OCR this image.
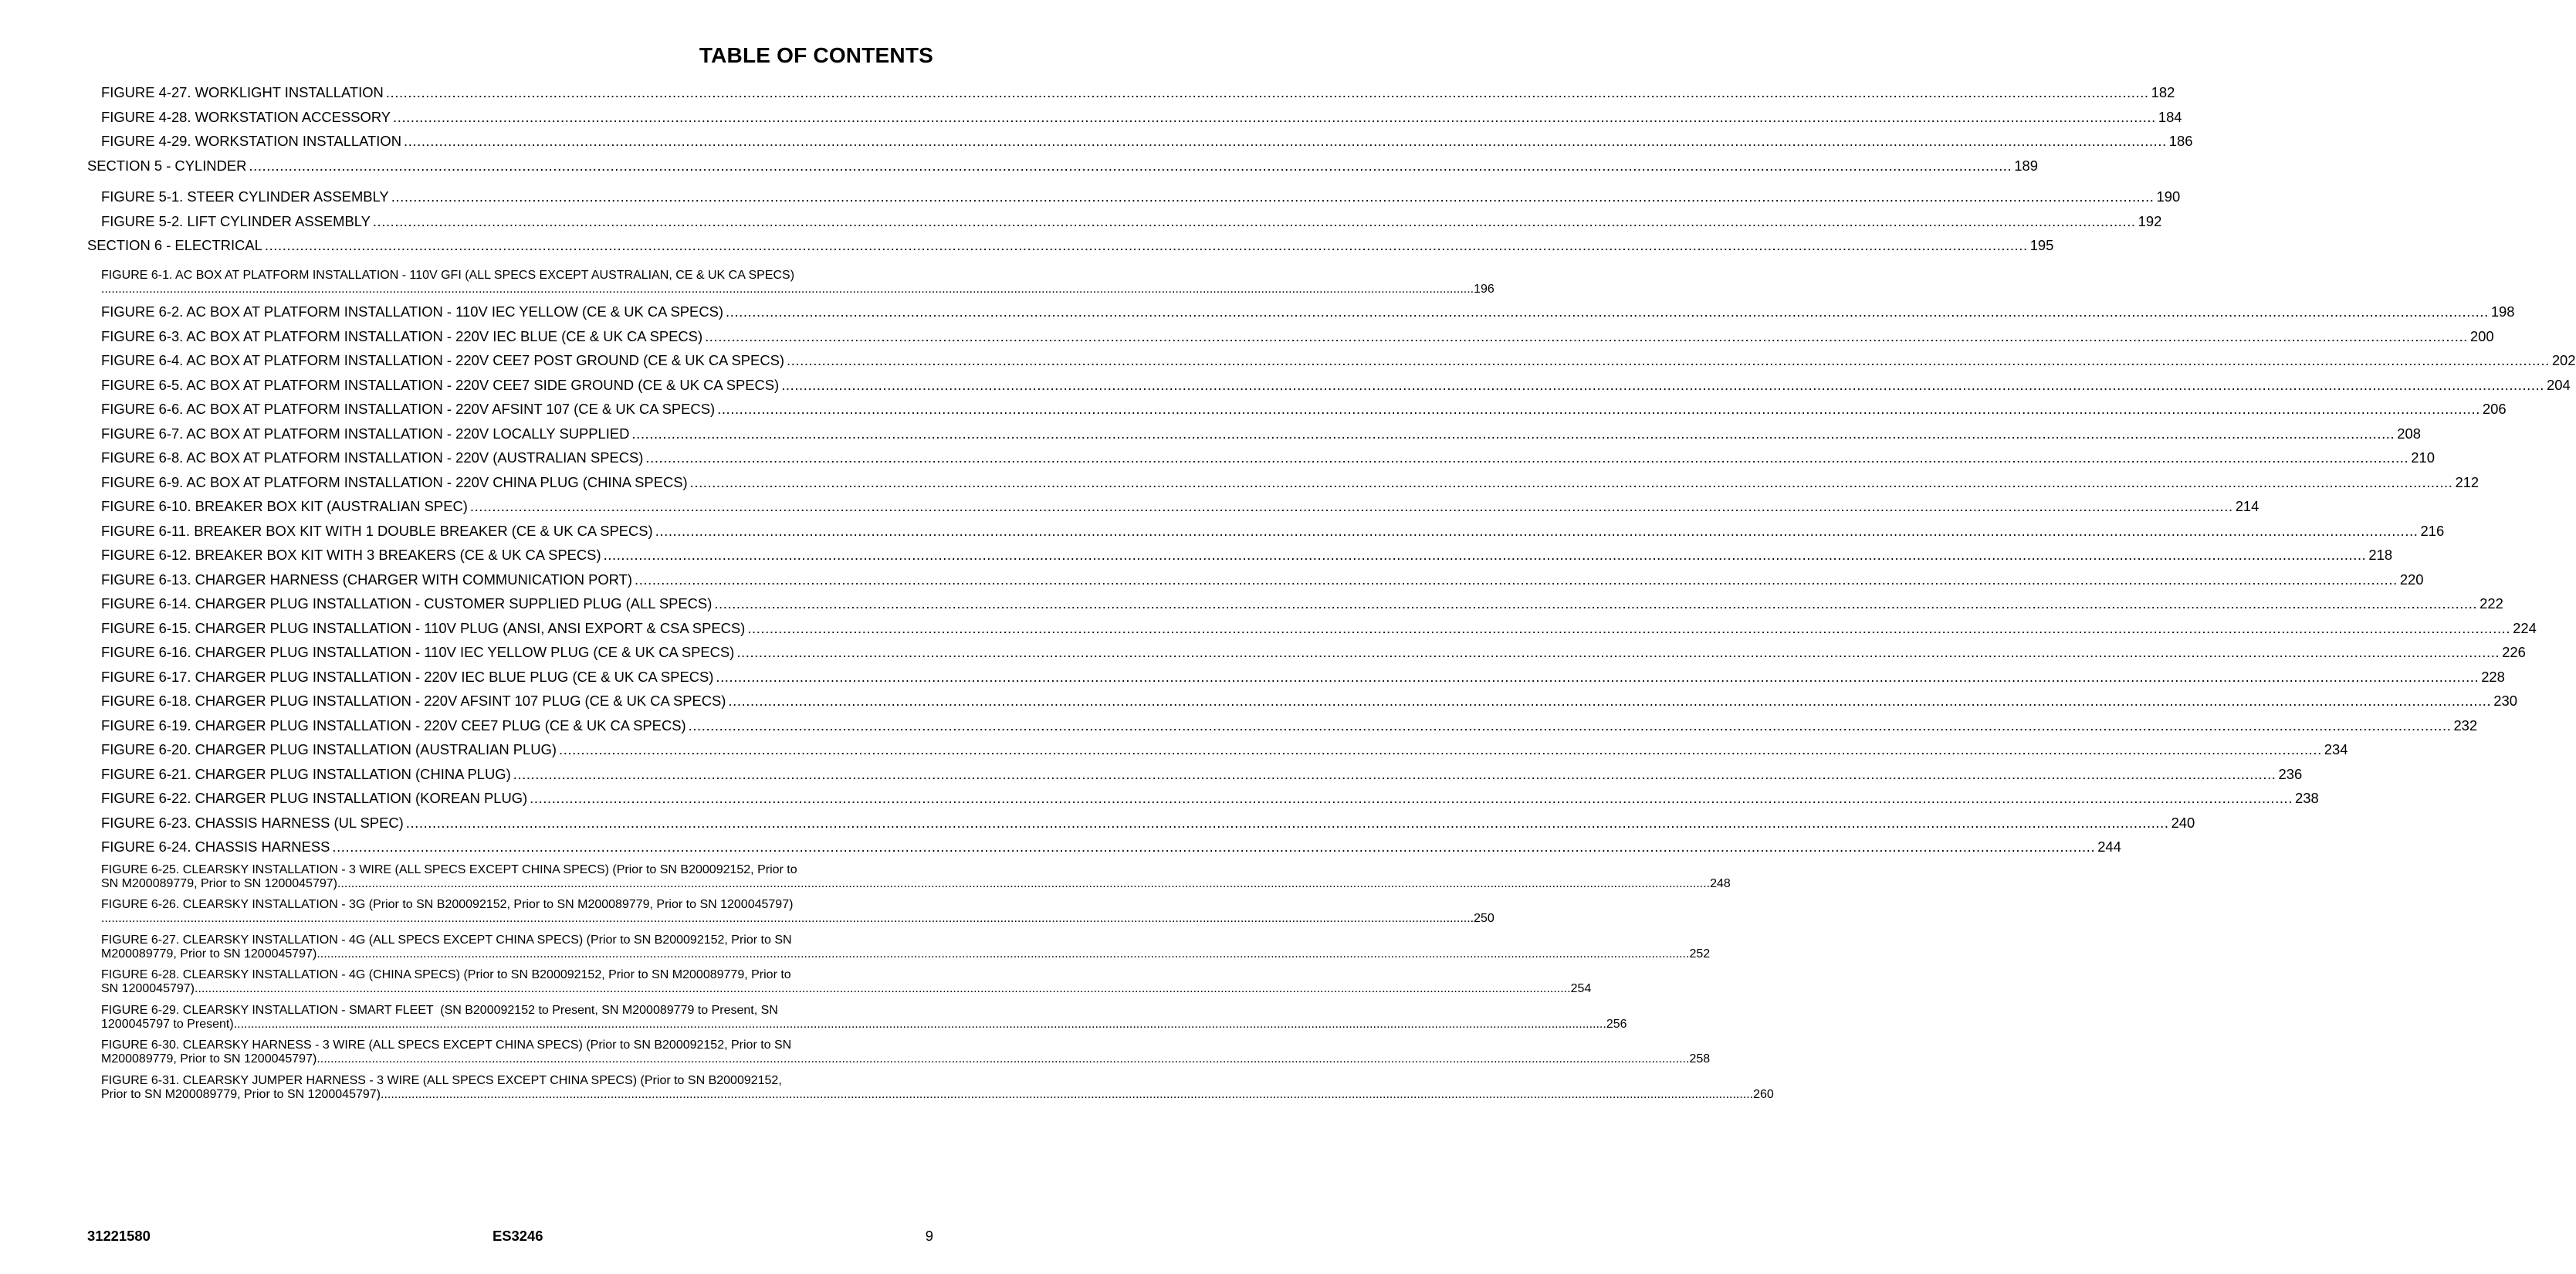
TABLE OF CONTENTS
FIGURE 4-27. WORKLIGHT INSTALLATION ................................................................................................................................................................................................................................................................................................................................................................................................................ 182
FIGURE 4-28. WORKSTATION ACCESSORY ................................................................................................................................................................................................................................................................................................................................................................................................................ 184
FIGURE 4-29. WORKSTATION INSTALLATION ................................................................................................................................................................................................................................................................................................................................................................................................................ 186
SECTION 5 - CYLINDER ................................................................................................................................................................................................................................................................................................................................................................................................................ 189
FIGURE 5-1. STEER CYLINDER ASSEMBLY ................................................................................................................................................................................................................................................................................................................................................................................................................ 190
FIGURE 5-2. LIFT CYLINDER ASSEMBLY ................................................................................................................................................................................................................................................................................................................................................................................................................ 192
SECTION 6 - ELECTRICAL ................................................................................................................................................................................................................................................................................................................................................................................................................ 195
FIGURE 6-1. AC BOX AT PLATFORM INSTALLATION - 110V GFI (ALL SPECS EXCEPT AUSTRALIAN, CE & UK CA SPECS)
................................................................................................................................................................................................................................................................................................................................................................................................................ 196
FIGURE 6-2. AC BOX AT PLATFORM INSTALLATION - 110V IEC YELLOW (CE & UK CA SPECS) ................................................................................................................................................................................................................................................................................................................................................................................................................ 198
FIGURE 6-3. AC BOX AT PLATFORM INSTALLATION - 220V IEC BLUE (CE & UK CA SPECS) ................................................................................................................................................................................................................................................................................................................................................................................................................ 200
FIGURE 6-4. AC BOX AT PLATFORM INSTALLATION - 220V CEE7 POST GROUND (CE & UK CA SPECS) ................................................................................................................................................................................................................................................................................................................................................................................................................ 202
FIGURE 6-5. AC BOX AT PLATFORM INSTALLATION - 220V CEE7 SIDE GROUND (CE & UK CA SPECS) ................................................................................................................................................................................................................................................................................................................................................................................................................ 204
FIGURE 6-6. AC BOX AT PLATFORM INSTALLATION - 220V AFSINT 107 (CE & UK CA SPECS) ................................................................................................................................................................................................................................................................................................................................................................................................................ 206
FIGURE 6-7. AC BOX AT PLATFORM INSTALLATION - 220V LOCALLY SUPPLIED ................................................................................................................................................................................................................................................................................................................................................................................................................ 208
FIGURE 6-8. AC BOX AT PLATFORM INSTALLATION - 220V (AUSTRALIAN SPECS) ................................................................................................................................................................................................................................................................................................................................................................................................................ 210
FIGURE 6-9. AC BOX AT PLATFORM INSTALLATION - 220V CHINA PLUG (CHINA SPECS) ................................................................................................................................................................................................................................................................................................................................................................................................................ 212
FIGURE 6-10. BREAKER BOX KIT (AUSTRALIAN SPEC) ................................................................................................................................................................................................................................................................................................................................................................................................................ 214
FIGURE 6-11. BREAKER BOX KIT WITH 1 DOUBLE BREAKER (CE & UK CA SPECS) ................................................................................................................................................................................................................................................................................................................................................................................................................ 216
FIGURE 6-12. BREAKER BOX KIT WITH 3 BREAKERS (CE & UK CA SPECS) ................................................................................................................................................................................................................................................................................................................................................................................................................ 218
FIGURE 6-13. CHARGER HARNESS (CHARGER WITH COMMUNICATION PORT) ................................................................................................................................................................................................................................................................................................................................................................................................................ 220
FIGURE 6-14. CHARGER PLUG INSTALLATION - CUSTOMER SUPPLIED PLUG (ALL SPECS) ................................................................................................................................................................................................................................................................................................................................................................................................................ 222
FIGURE 6-15. CHARGER PLUG INSTALLATION - 110V PLUG (ANSI, ANSI EXPORT & CSA SPECS) ................................................................................................................................................................................................................................................................................................................................................................................................................ 224
FIGURE 6-16. CHARGER PLUG INSTALLATION - 110V IEC YELLOW PLUG (CE & UK CA SPECS) ................................................................................................................................................................................................................................................................................................................................................................................................................ 226
FIGURE 6-17. CHARGER PLUG INSTALLATION - 220V IEC BLUE PLUG (CE & UK CA SPECS) ................................................................................................................................................................................................................................................................................................................................................................................................................ 228
FIGURE 6-18. CHARGER PLUG INSTALLATION - 220V AFSINT 107 PLUG (CE & UK CA SPECS) ................................................................................................................................................................................................................................................................................................................................................................................................................ 230
FIGURE 6-19. CHARGER PLUG INSTALLATION - 220V CEE7 PLUG (CE & UK CA SPECS) ................................................................................................................................................................................................................................................................................................................................................................................................................ 232
FIGURE 6-20. CHARGER PLUG INSTALLATION (AUSTRALIAN PLUG) ................................................................................................................................................................................................................................................................................................................................................................................................................ 234
FIGURE 6-21. CHARGER PLUG INSTALLATION (CHINA PLUG) ................................................................................................................................................................................................................................................................................................................................................................................................................ 236
FIGURE 6-22. CHARGER PLUG INSTALLATION (KOREAN PLUG) ................................................................................................................................................................................................................................................................................................................................................................................................................ 238
FIGURE 6-23. CHASSIS HARNESS (UL SPEC) ................................................................................................................................................................................................................................................................................................................................................................................................................ 240
FIGURE 6-24. CHASSIS HARNESS ................................................................................................................................................................................................................................................................................................................................................................................................................ 244
FIGURE 6-25. CLEARSKY INSTALLATION - 3 WIRE (ALL SPECS EXCEPT CHINA SPECS) (Prior to SN B200092152, Prior to
SN M200089779, Prior to SN 1200045797) ................................................................................................................................................................................................................................................................................................................................................................................................................ 248
FIGURE 6-26. CLEARSKY INSTALLATION - 3G (Prior to SN B200092152, Prior to SN M200089779, Prior to SN 1200045797)
................................................................................................................................................................................................................................................................................................................................................................................................................ 250
FIGURE 6-27. CLEARSKY INSTALLATION - 4G (ALL SPECS EXCEPT CHINA SPECS) (Prior to SN B200092152, Prior to SN
M200089779, Prior to SN 1200045797) ................................................................................................................................................................................................................................................................................................................................................................................................................ 252
FIGURE 6-28. CLEARSKY INSTALLATION - 4G (CHINA SPECS) (Prior to SN B200092152, Prior to SN M200089779, Prior to
SN 1200045797). ................................................................................................................................................................................................................................................................................................................................................................................................................ 254
FIGURE 6-29. CLEARSKY INSTALLATION - SMART FLEET  (SN B200092152 to Present, SN M200089779 to Present, SN
1200045797 to Present) ................................................................................................................................................................................................................................................................................................................................................................................................................ 256
FIGURE 6-30. CLEARSKY HARNESS - 3 WIRE (ALL SPECS EXCEPT CHINA SPECS) (Prior to SN B200092152, Prior to SN
M200089779, Prior to SN 1200045797) ................................................................................................................................................................................................................................................................................................................................................................................................................ 258
FIGURE 6-31. CLEARSKY JUMPER HARNESS - 3 WIRE (ALL SPECS EXCEPT CHINA SPECS) (Prior to SN B200092152,
Prior to SN M200089779, Prior to SN 1200045797) ................................................................................................................................................................................................................................................................................................................................................................................................................ 260
31221580	ES3246	9
